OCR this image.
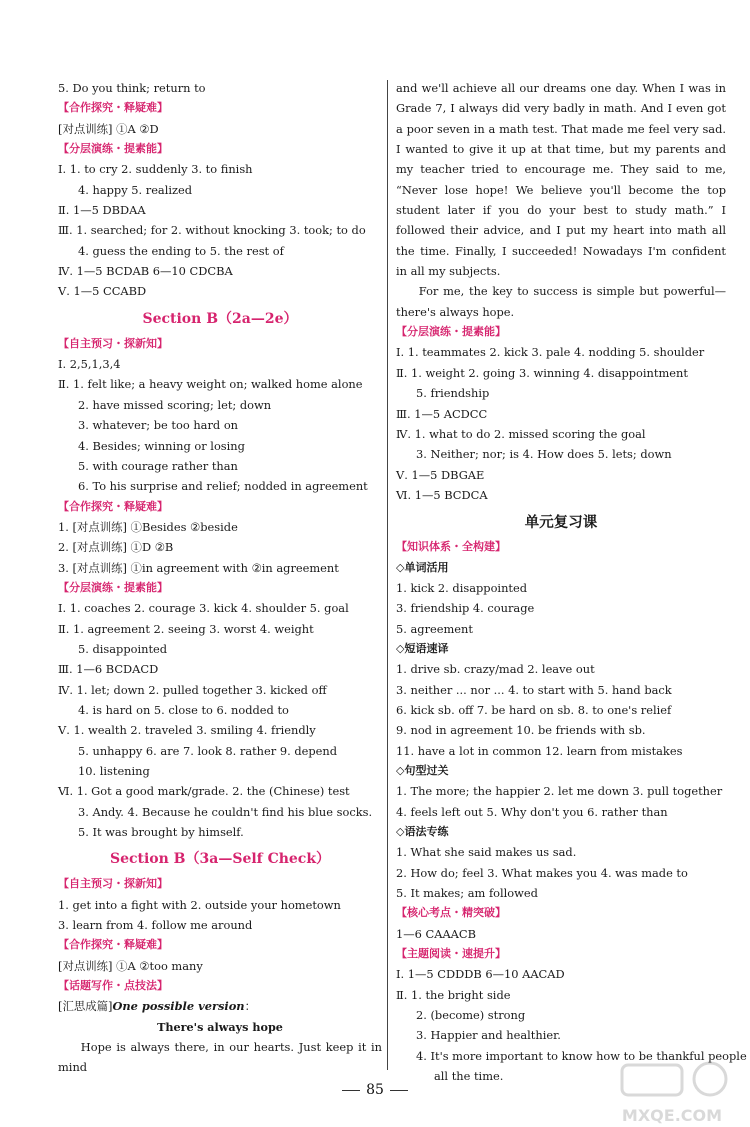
5. Do you think; return to
【合作探究・释疑难】
[对点训练] ①A ②D
【分层演练・提素能】
Ⅰ. 1. to cry 2. suddenly 3. to finish
4. happy 5. realized
Ⅱ. 1—5 DBDAA
Ⅲ. 1. searched; for 2. without knocking 3. took; to do
4. guess the ending to 5. the rest of
Ⅳ. 1—5 BCDAB 6—10 CDCBA
Ⅴ. 1—5 CCABD
Section B（2a—2e）
【自主预习・探新知】
Ⅰ. 2,5,1,3,4
Ⅱ. 1. felt like; a heavy weight on; walked home alone
2. have missed scoring; let; down
3. whatever; be too hard on
4. Besides; winning or losing
5. with courage rather than
6. To his surprise and relief; nodded in agreement
【合作探究・释疑难】
1. [对点训练] ①Besides ②beside
2. [对点训练] ①D ②B
3. [对点训练] ①in agreement with ②in agreement
【分层演练・提素能】
Ⅰ. 1. coaches 2. courage 3. kick 4. shoulder 5. goal
Ⅱ. 1. agreement 2. seeing 3. worst 4. weight
5. disappointed
Ⅲ. 1—6 BCDACD
Ⅳ. 1. let; down 2. pulled together 3. kicked off
4. is hard on 5. close to 6. nodded to
Ⅴ. 1. wealth 2. traveled 3. smiling 4. friendly
5. unhappy 6. are 7. look 8. rather 9. depend
10. listening
Ⅵ. 1. Got a good mark/grade. 2. the (Chinese) test
3. Andy. 4. Because he couldn't find his blue socks.
5. It was brought by himself.
Section B（3a—Self Check）
【自主预习・探新知】
1. get into a fight with 2. outside your hometown
3. learn from 4. follow me around
【合作探究・释疑难】
[对点训练] ①A ②too many
【话题写作・点技法】
[汇思成篇]One possible version：
There's always hope

Hope is always there, in our hearts. Just keep it in mind

and we'll achieve all our dreams one day. When I was in Grade 7, I always did very badly in math. And I even got a poor seven in a math test. That made me feel very sad. I wanted to give it up at that time, but my parents and my teacher tried to encourage me. They said to me, “Never lose hope! We believe you'll become the top student later if you do your best to study math.” I followed their advice, and I put my heart into math all the time. Finally, I succeeded! Nowadays I'm confident in all my subjects.

For me, the key to success is simple but powerful—there's always hope.

【分层演练・提素能】
Ⅰ. 1. teammates 2. kick 3. pale 4. nodding 5. shoulder
Ⅱ. 1. weight 2. going 3. winning 4. disappointment
5. friendship
Ⅲ. 1—5 ACDCC
Ⅳ. 1. what to do 2. missed scoring the goal
3. Neither; nor; is 4. How does 5. lets; down
Ⅴ. 1—5 DBGAE
Ⅵ. 1—5 BCDCA
单元复习课
【知识体系・全构建】
◇单词活用
1. kick 2. disappointed
3. friendship 4. courage
5. agreement
◇短语速译
1. drive sb. crazy/mad 2. leave out
3. neither ... nor ... 4. to start with 5. hand back
6. kick sb. off 7. be hard on sb. 8. to one's relief
9. nod in agreement 10. be friends with sb.
11. have a lot in common 12. learn from mistakes
◇句型过关
1. The more; the happier 2. let me down 3. pull together
4. feels left out 5. Why don't you 6. rather than
◇语法专练
1. What she said makes us sad.
2. How do; feel 3. What makes you 4. was made to
5. It makes; am followed
【核心考点・精突破】
1—6 CAAACB
【主题阅读・速提升】
Ⅰ. 1—5 CDDDB 6—10 AACAD
Ⅱ. 1. the bright side
2. (become) strong
3. Happier and healthier.
4. It's more important to know how to be thankful people
all the time.
85
MXQE.COM
